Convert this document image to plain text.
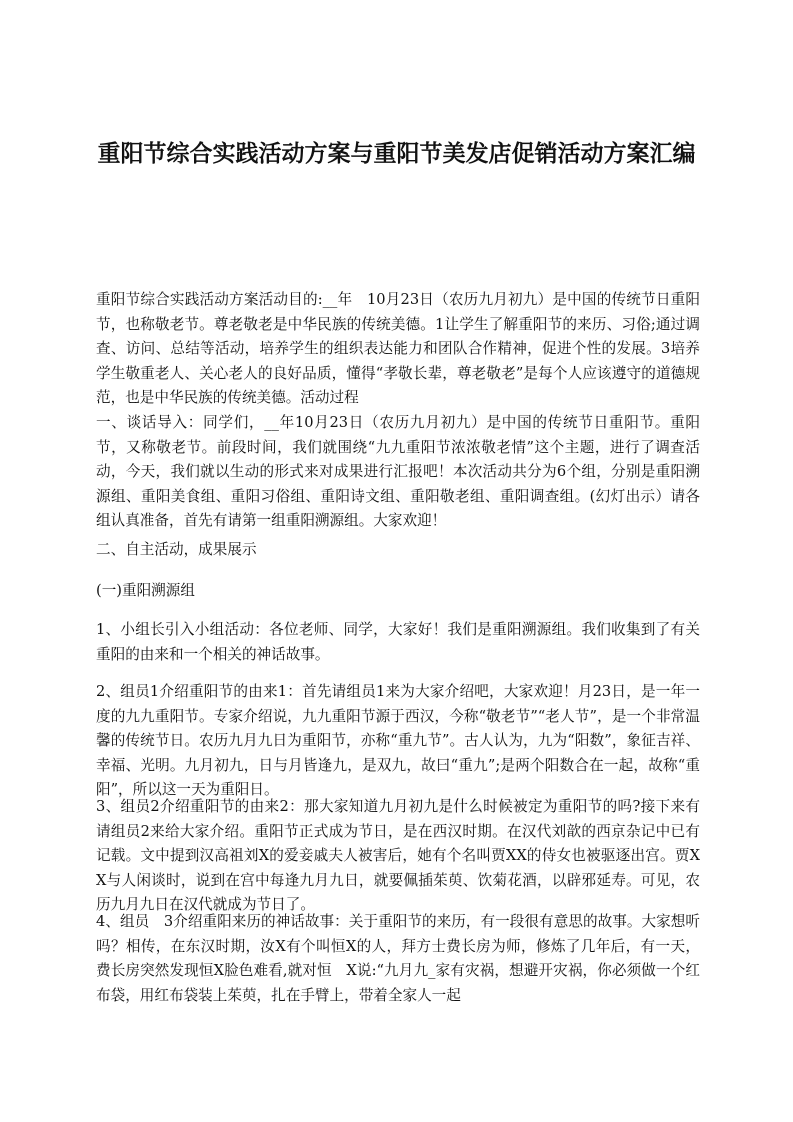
重阳节综合实践活动方案与重阳节美发店促销活动方案汇编
重阳节综合实践活动方案活动目的:__年　10月23日（农历九月初九）是中国的传统节日重阳节，也称敬老节。尊老敬老是中华民族的传统美德。1让学生了解重阳节的来历、习俗;通过调查、访问、总结等活动，培养学生的组织表达能力和团队合作精神，促进个性的发展。3培养学生敬重老人、关心老人的良好品质，懂得“孝敬长辈，尊老敬老”是每个人应该遵守的道德规范，也是中华民族的传统美德。活动过程
一、谈话导入：同学们，__年10月23日（农历九月初九）是中国的传统节日重阳节。重阳节，又称敬老节。前段时间，我们就围绕“九九重阳节浓浓敬老情”这个主题，进行了调查活动，今天，我们就以生动的形式来对成果进行汇报吧！本次活动共分为6个组，分别是重阳溯源组、重阳美食组、重阳习俗组、重阳诗文组、重阳敬老组、重阳调查组。(幻灯出示）请各组认真准备，首先有请第一组重阳溯源组。大家欢迎！
二、自主活动，成果展示
(一)重阳溯源组
1、小组长引入小组活动：各位老师、同学，大家好！我们是重阳溯源组。我们收集到了有关重阳的由来和一个相关的神话故事。
2、组员1介绍重阳节的由来1：首先请组员1来为大家介绍吧，大家欢迎！月23日，是一年一度的九九重阳节。专家介绍说，九九重阳节源于西汉，今称“敬老节”“老人节”，是一个非常温馨的传统节日。农历九月九日为重阳节，亦称“重九节”。古人认为，九为“阳数”，象征吉祥、幸福、光明。九月初九，日与月皆逢九，是双九，故曰“重九”;是两个阳数合在一起，故称“重阳”，所以这一天为重阳日。
3、组员2介绍重阳节的由来2：那大家知道九月初九是什么时候被定为重阳节的吗?接下来有请组员2来给大家介绍。重阳节正式成为节日，是在西汉时期。在汉代刘歆的西京杂记中已有记载。文中提到汉高祖刘X的爱妾戚夫人被害后，她有个名叫贾XX的侍女也被驱逐出宫。贾XX与人闲谈时，说到在宫中每逢九月九日，就要佩插茱萸、饮菊花酒，以辟邪延寿。可见，农历九月九日在汉代就成为节日了。
4、组员　3介绍重阳来历的神话故事：关于重阳节的来历，有一段很有意思的故事。大家想听吗？相传，在东汉时期，汝X有个叫恒X的人，拜方士费长房为师，修炼了几年后，有一天，费长房突然发现恒X脸色难看,就对恒　X说:“九月九_家有灾祸，想避开灾祸，你必须做一个红布袋，用红布袋装上茱萸，扎在手臂上，带着全家人一起
